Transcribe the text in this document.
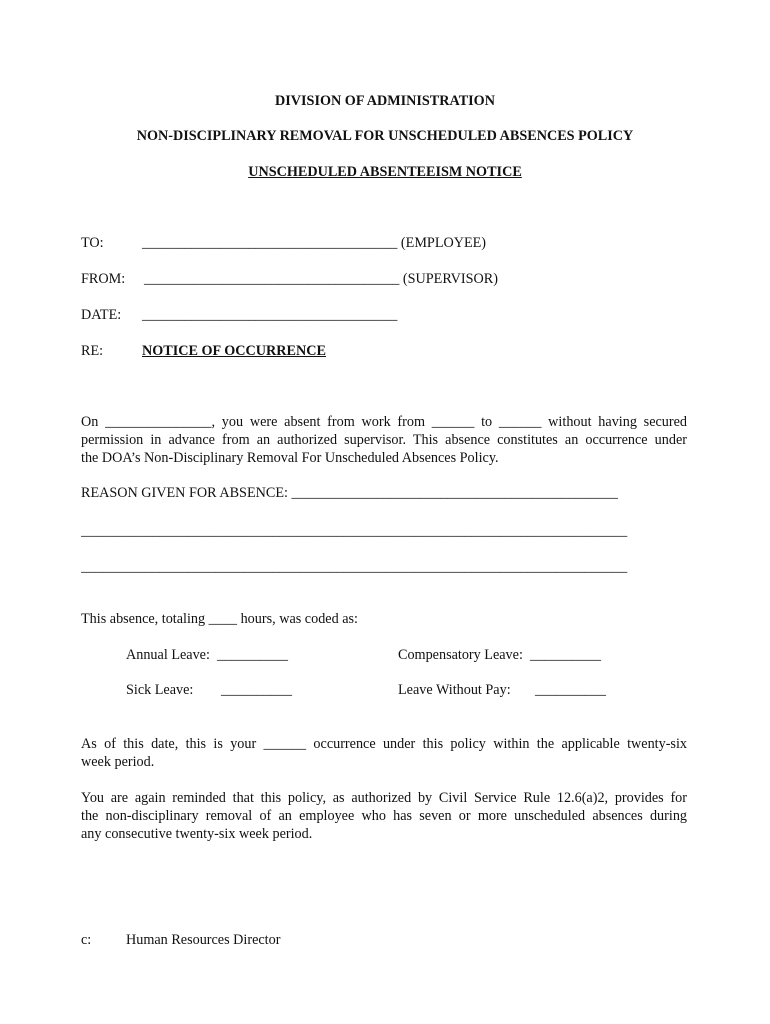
DIVISION OF ADMINISTRATION
NON-DISCIPLINARY REMOVAL FOR UNSCHEDULED ABSENCES POLICY
UNSCHEDULED ABSENTEEISM NOTICE
TO:	____________________________________ (EMPLOYEE)
FROM: ____________________________________ (SUPERVISOR)
DATE: ____________________________________
RE:	NOTICE OF OCCURRENCE
On _______________, you were absent from work from ______ to ______ without having secured
permission in advance from an authorized supervisor. This absence constitutes an occurrence under
the DOA’s Non-Disciplinary Removal For Unscheduled Absences Policy.
REASON GIVEN FOR ABSENCE: ______________________________________________
_____________________________________________________________________________
_____________________________________________________________________________
This absence, totaling ____ hours, was coded as:
Annual Leave:  __________	Compensatory Leave:  __________
Sick Leave: __________	Leave Without Pay: __________
As of this date, this is your ______ occurrence under this policy within the applicable twenty-six
week period.
You are again reminded that this policy, as authorized by Civil Service Rule 12.6(a)2, provides for
the non-disciplinary removal of an employee who has seven or more unscheduled absences during
any consecutive twenty-six week period.
c: Human Resources Director
